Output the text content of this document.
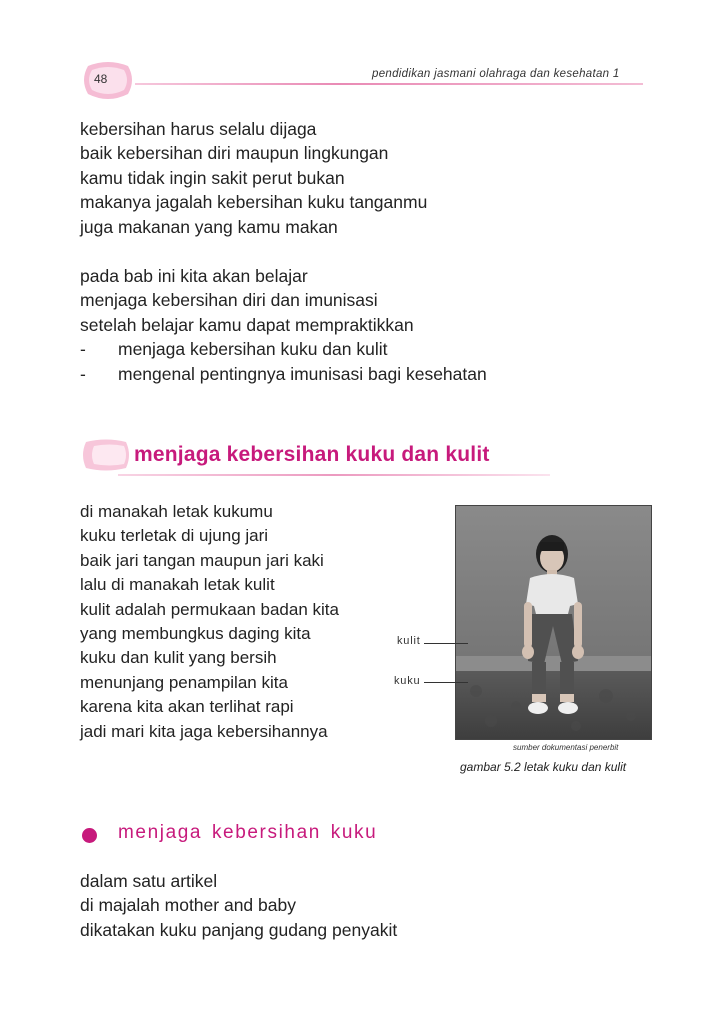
48	pendidikan jasmani olahraga dan kesehatan 1
kebersihan harus selalu dijaga
baik kebersihan diri maupun lingkungan
kamu tidak ingin sakit perut bukan
makanya jagalah kebersihan kuku tanganmu
juga makanan yang kamu makan
pada bab ini kita akan belajar
menjaga kebersihan diri dan imunisasi
setelah belajar kamu dapat mempraktikkan
-	menjaga kebersihan kuku dan kulit
-	mengenal pentingnya imunisasi bagi kesehatan
menjaga kebersihan kuku dan kulit
di manakah letak kukumu
kuku terletak di ujung jari
baik jari tangan maupun jari kaki
lalu di manakah letak kulit
kulit adalah permukaan badan kita
yang membungkus daging kita
kuku dan kulit yang bersih
menunjang penampilan kita
karena kita akan terlihat rapi
jadi mari kita jaga kebersihannya
kulit
kuku
sumber dokumentasi penerbit
gambar 5.2 letak kuku dan kulit
menjaga kebersihan kuku
dalam satu artikel
di majalah mother and baby
dikatakan kuku panjang gudang penyakit
